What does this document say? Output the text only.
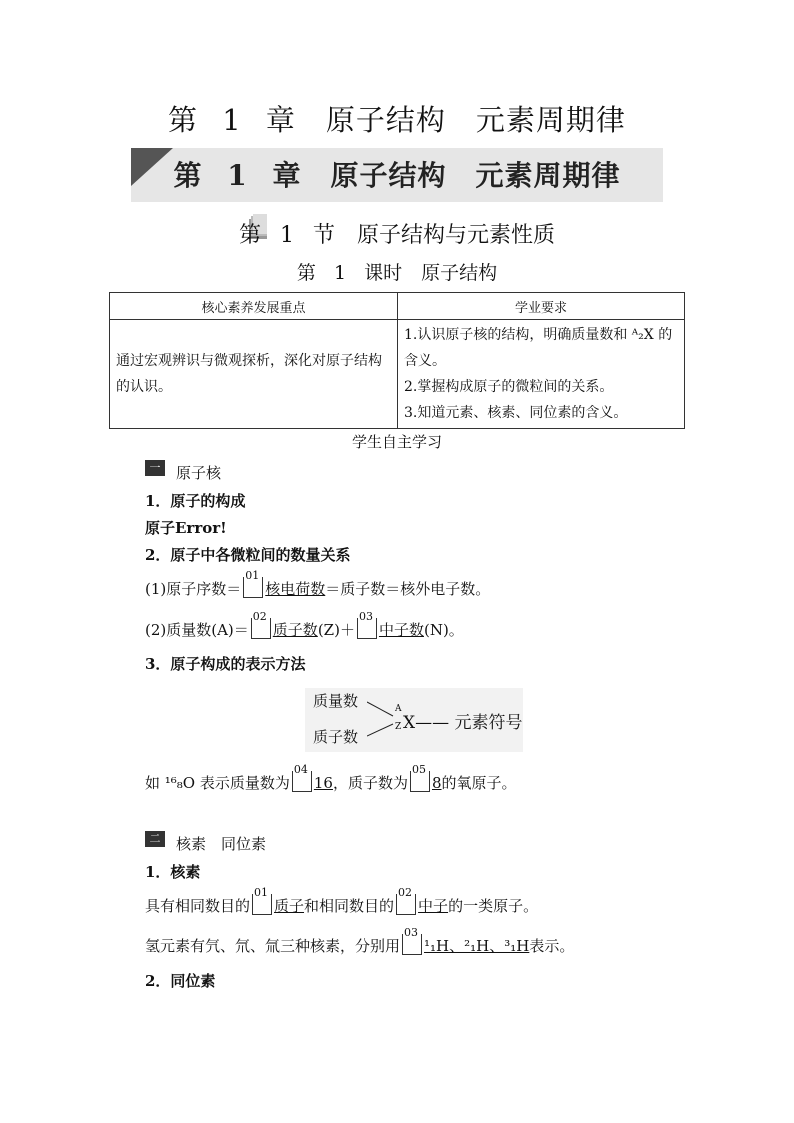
第 1 章　原子结构　元素周期律
第 1 章　原子结构　元素周期律
第 1 节　原子结构与元素性质
第 1 课时　原子结构
核心素养发展重点	学业要求
通过宏观辨识与微观探析，深化对原子结构的认识。	1.认识原子核的结构，明确质量数和 ᴬ₂X 的含义。
2.掌握构成原子的微粒间的关系。
3.知道元素、核素、同位素的含义。
学生自主学习
一	原子核
1．原子的构成
原子Error!
2．原子中各微粒间的数量关系
(1)原子序数＝
01
核电荷数＝质子数＝核外电子数。
(2)质量数(A)＝
02
质子数(Z)＋
03
中子数(N)。
3．原子构成的表示方法
质量数
质子数
A
Z X—— 元素符号
如 ¹⁶₈O 表示质量数为
04
16，质子数为
05
8的氧原子。
二	核素　同位素
1．核素
具有相同数目的
01
质子和相同数目的
02
中子的一类原子。
氢元素有氕、氘、氚三种核素，分别用
03
¹₁H、²₁H、³₁H表示。
2．同位素
